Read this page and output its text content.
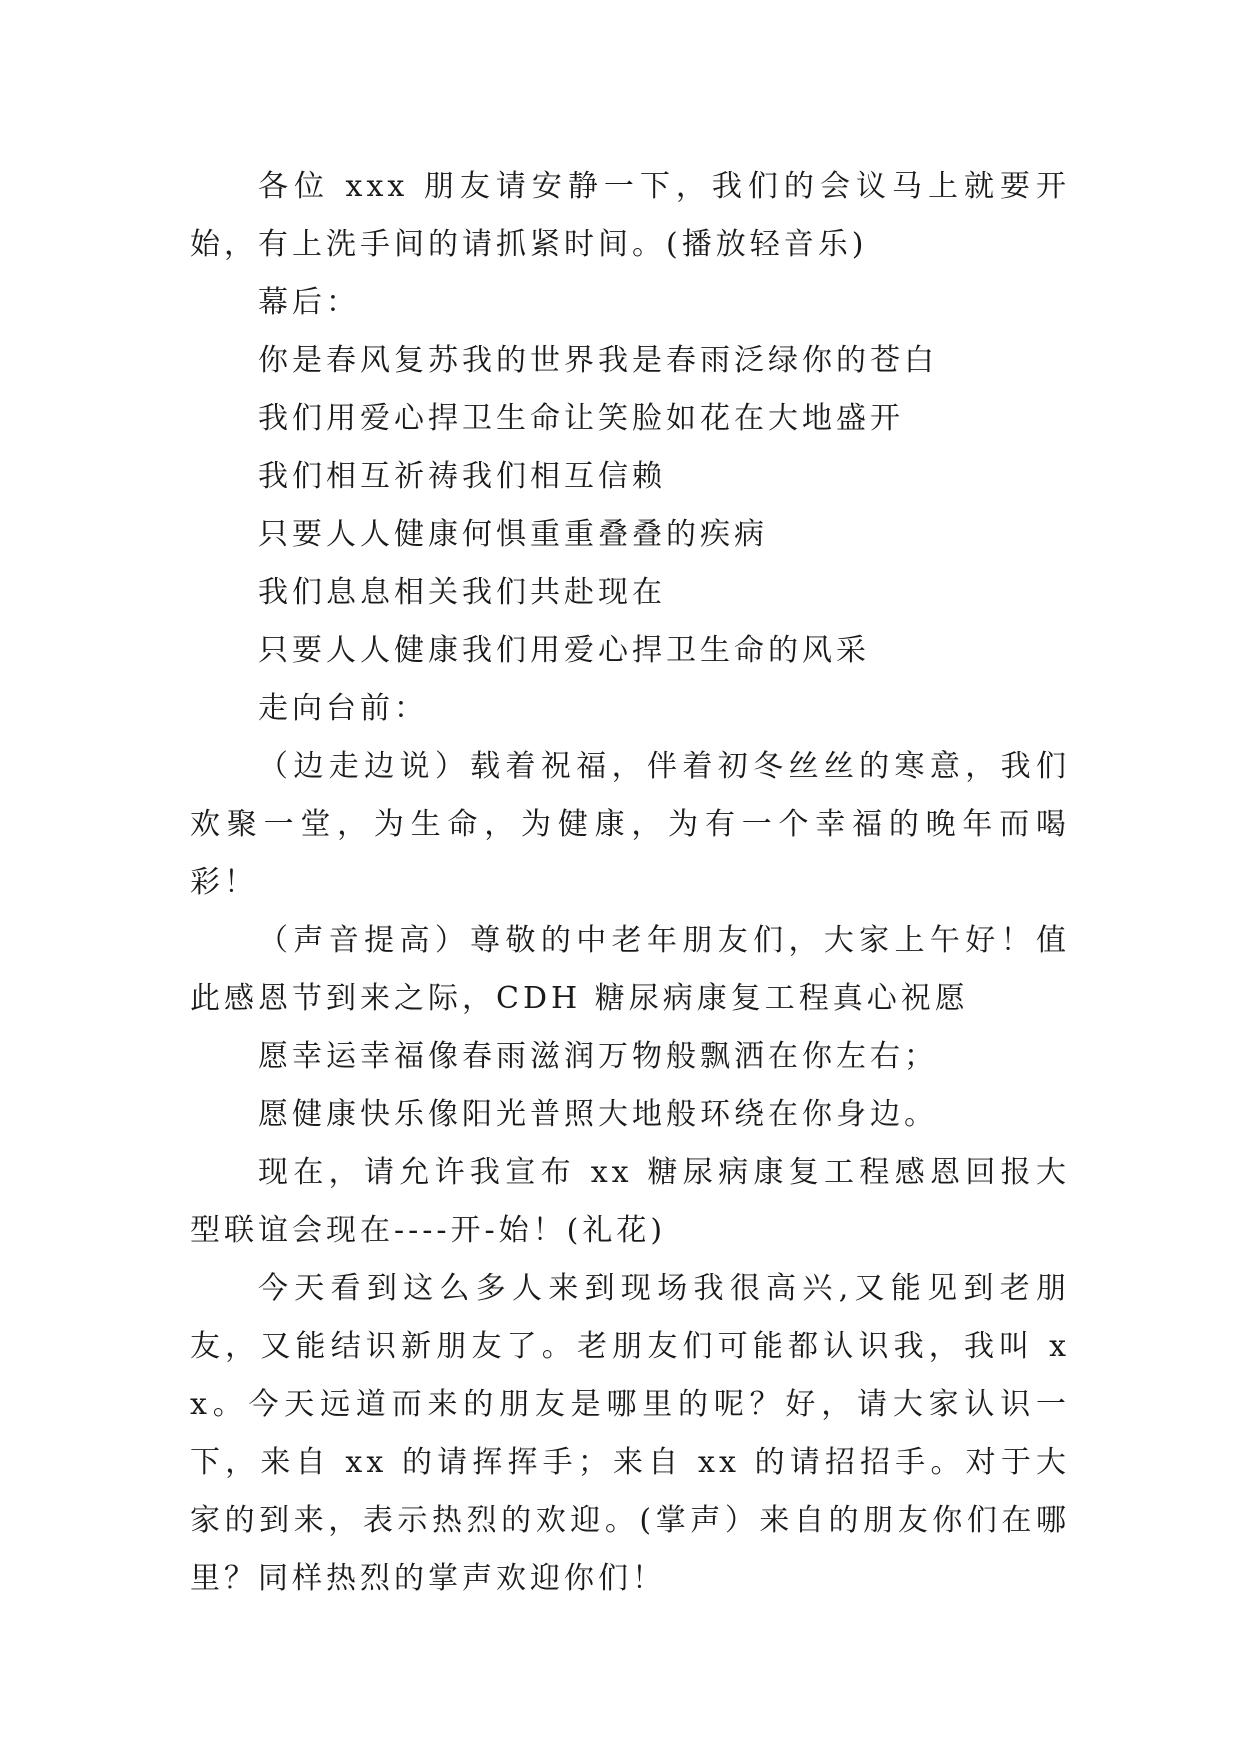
各位 xxx 朋友请安静一下，我们的会议马上就要开始，有上洗手间的请抓紧时间。(播放轻音乐)

幕后：

你是春风复苏我的世界我是春雨泛绿你的苍白

我们用爱心捍卫生命让笑脸如花在大地盛开

我们相互祈祷我们相互信赖

只要人人健康何惧重重叠叠的疾病

我们息息相关我们共赴现在

只要人人健康我们用爱心捍卫生命的风采

走向台前：

（边走边说）载着祝福，伴着初冬丝丝的寒意，我们欢聚一堂，为生命，为健康，为有一个幸福的晚年而喝彩！

（声音提高）尊敬的中老年朋友们，大家上午好！值此感恩节到来之际，CDH 糖尿病康复工程真心祝愿

愿幸运幸福像春雨滋润万物般飘洒在你左右；

愿健康快乐像阳光普照大地般环绕在你身边。

现在，请允许我宣布 xx 糖尿病康复工程感恩回报大型联谊会现在----开-始！(礼花)

今天看到这么多人来到现场我很高兴,又能见到老朋友，又能结识新朋友了。老朋友们可能都认识我，我叫 xx。今天远道而来的朋友是哪里的呢？好，请大家认识一下，来自 xx 的请挥挥手；来自 xx 的请招招手。对于大家的到来，表示热烈的欢迎。(掌声）来自的朋友你们在哪里？同样热烈的掌声欢迎你们！
